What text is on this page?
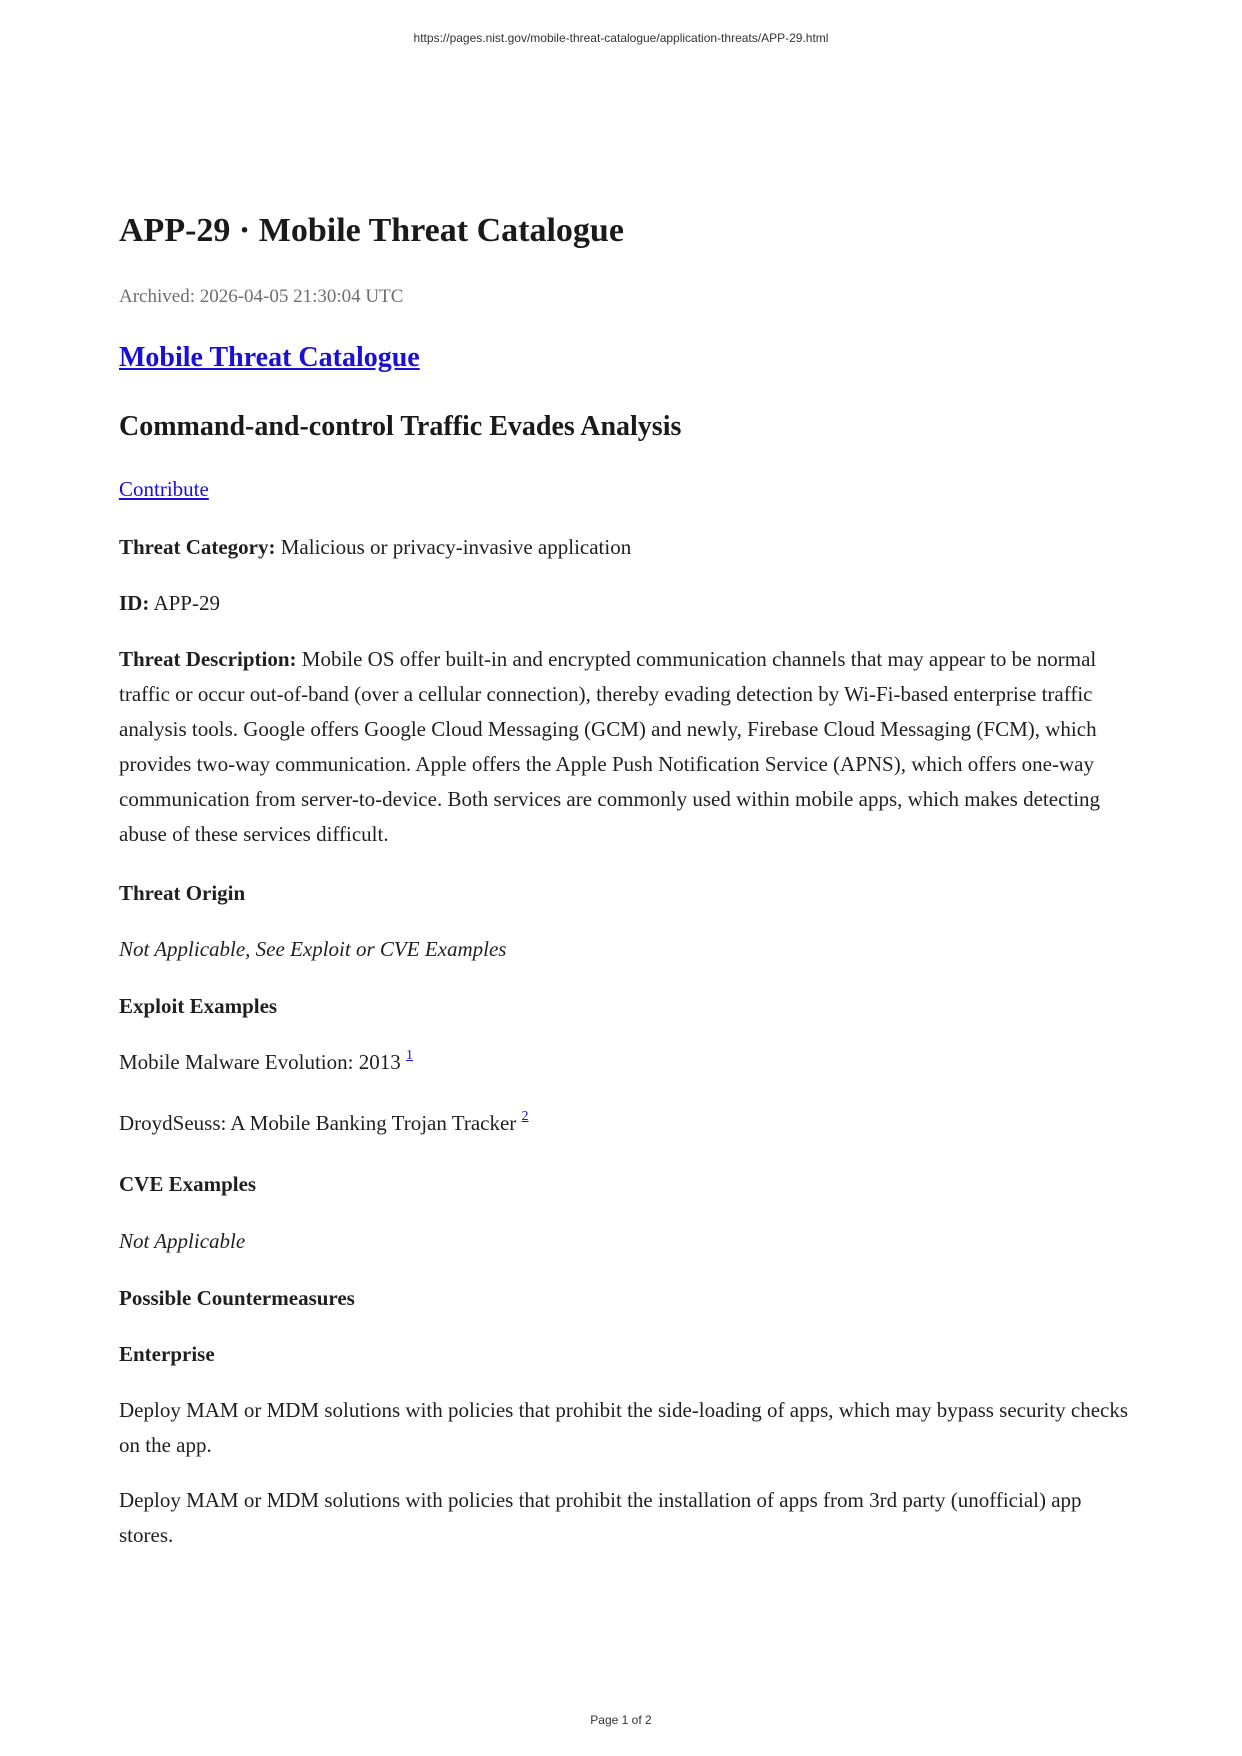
https://pages.nist.gov/mobile-threat-catalogue/application-threats/APP-29.html
APP-29 · Mobile Threat Catalogue

Archived: 2026-04-05 21:30:04 UTC

Mobile Threat Catalogue
Command-and-control Traffic Evades Analysis
Contribute
Threat Category: Malicious or privacy-invasive application
ID: APP-29

Threat Description: Mobile OS offer built-in and encrypted communication channels that may appear to be normal traffic or occur out-of-band (over a cellular connection), thereby evading detection by Wi-Fi-based enterprise traffic analysis tools. Google offers Google Cloud Messaging (GCM) and newly, Firebase Cloud Messaging (FCM), which provides two-way communication. Apple offers the Apple Push Notification Service (APNS), which offers one-way communication from server-to-device. Both services are commonly used within mobile apps, which makes detecting abuse of these services difficult.

Threat Origin
Not Applicable, See Exploit or CVE Examples
Exploit Examples
Mobile Malware Evolution: 2013 $^1$
DroydSeuss: A Mobile Banking Trojan Tracker $^2$
CVE Examples
Not Applicable
Possible Countermeasures
Enterprise

Deploy MAM or MDM solutions with policies that prohibit the side-loading of apps, which may bypass security checks on the app.

Deploy MAM or MDM solutions with policies that prohibit the installation of apps from 3rd party (unofficial) app stores.

Page 1 of 2
